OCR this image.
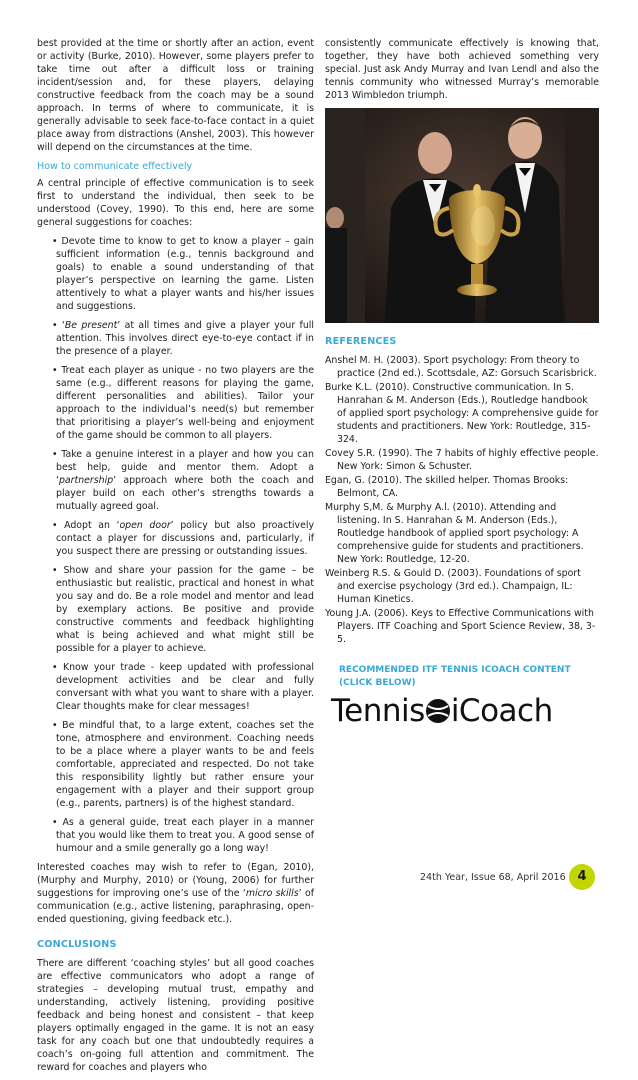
best provided at the time or shortly after an action, event or activity (Burke, 2010). However, some players prefer to take time out after a difficult loss or training incident/session and, for these players, delaying constructive feedback from the coach may be a sound approach. In terms of where to communicate, it is generally advisable to seek face-to-face contact in a quiet place away from distractions (Anshel, 2003). This however will depend on the circumstances at the time.

How to communicate effectively

A central principle of effective communication is to seek first to understand the individual, then seek to be understood (Covey, 1990). To this end, here are some general suggestions for coaches:

• Devote time to know to get to know a player – gain sufficient information (e.g., tennis background and goals) to enable a sound understanding of that player’s perspective on learning the game. Listen attentively to what a player wants and his/her issues and suggestions.

• ‘Be present’ at all times and give a player your full attention. This involves direct eye-to-eye contact if in the presence of a player.

• Treat each player as unique - no two players are the same (e.g., different reasons for playing the game, different personalities and abilities). Tailor your approach to the individual’s need(s) but remember that prioritising a player’s well-being and enjoyment of the game should be common to all players.

• Take a genuine interest in a player and how you can best help, guide and mentor them. Adopt a ‘partnership’ approach where both the coach and player build on each other’s strengths towards a mutually agreed goal.

• Adopt an ‘open door’ policy but also proactively contact a player for discussions and, particularly, if you suspect there are pressing or outstanding issues.

• Show and share your passion for the game – be enthusiastic but realistic, practical and honest in what you say and do. Be a role model and mentor and lead by exemplary actions. Be positive and provide constructive comments and feedback highlighting what is being achieved and what might still be possible for a player to achieve.

• Know your trade - keep updated with professional development activities and be clear and fully conversant with what you want to share with a player. Clear thoughts make for clear messages!

• Be mindful that, to a large extent, coaches set the tone, atmosphere and environment. Coaching needs to be a place where a player wants to be and feels comfortable, appreciated and respected. Do not take this responsibility lightly but rather ensure your engagement with a player and their support group (e.g., parents, partners) is of the highest standard.

• As a general guide, treat each player in a manner that you would like them to treat you. A good sense of humour and a smile generally go a long way!

Interested coaches may wish to refer to (Egan, 2010), (Murphy and Murphy, 2010) or (Young, 2006) for further suggestions for improving one’s use of the ‘micro skills’ of communication (e.g., active listening, paraphrasing, open-ended questioning, giving feedback etc.).

CONCLUSIONS

There are different ‘coaching styles’ but all good coaches are effective communicators who adopt a range of strategies – developing mutual trust, empathy and understanding, actively listening, providing positive feedback and being honest and consistent – that keep players optimally engaged in the game. It is not an easy task for any coach but one that undoubtedly requires a coach’s on-going full attention and commitment. The reward for coaches and players who

consistently communicate effectively is knowing that, together, they have both achieved something very special. Just ask Andy Murray and Ivan Lendl and also the tennis community who witnessed Murray’s memorable 2013 Wimbledon triumph.

REFERENCES

Anshel M. H. (2003). Sport psychology: From theory to practice (2nd ed.). Scottsdale, AZ: Gorsuch Scarisbrick.

Burke K.L. (2010). Constructive communication. In S. Hanrahan & M. Anderson (Eds.), Routledge handbook of applied sport psychology: A comprehensive guide for students and practitioners. New York: Routledge, 315-324.

Covey S.R. (1990). The 7 habits of highly effective people. New York: Simon & Schuster.

Egan, G. (2010). The skilled helper. Thomas Brooks: Belmont, CA.

Murphy S,M. & Murphy A.l. (2010). Attending and listening. In S. Hanrahan & M. Anderson (Eds.), Routledge handbook of applied sport psychology: A comprehensive guide for students and practitioners. New York: Routledge, 12-20.

Weinberg R.S. & Gould D. (2003). Foundations of sport and exercise psychology (3rd ed.). Champaign, IL: Human Kinetics.

Young J.A. (2006). Keys to Effective Communications with Players. ITF Coaching and Sport Science Review, 38, 3-5.

RECOMMENDED ITF TENNIS ICOACH CONTENT (CLICK BELOW)
Tennis iCoach
24th Year, Issue 68, April 2016 4
